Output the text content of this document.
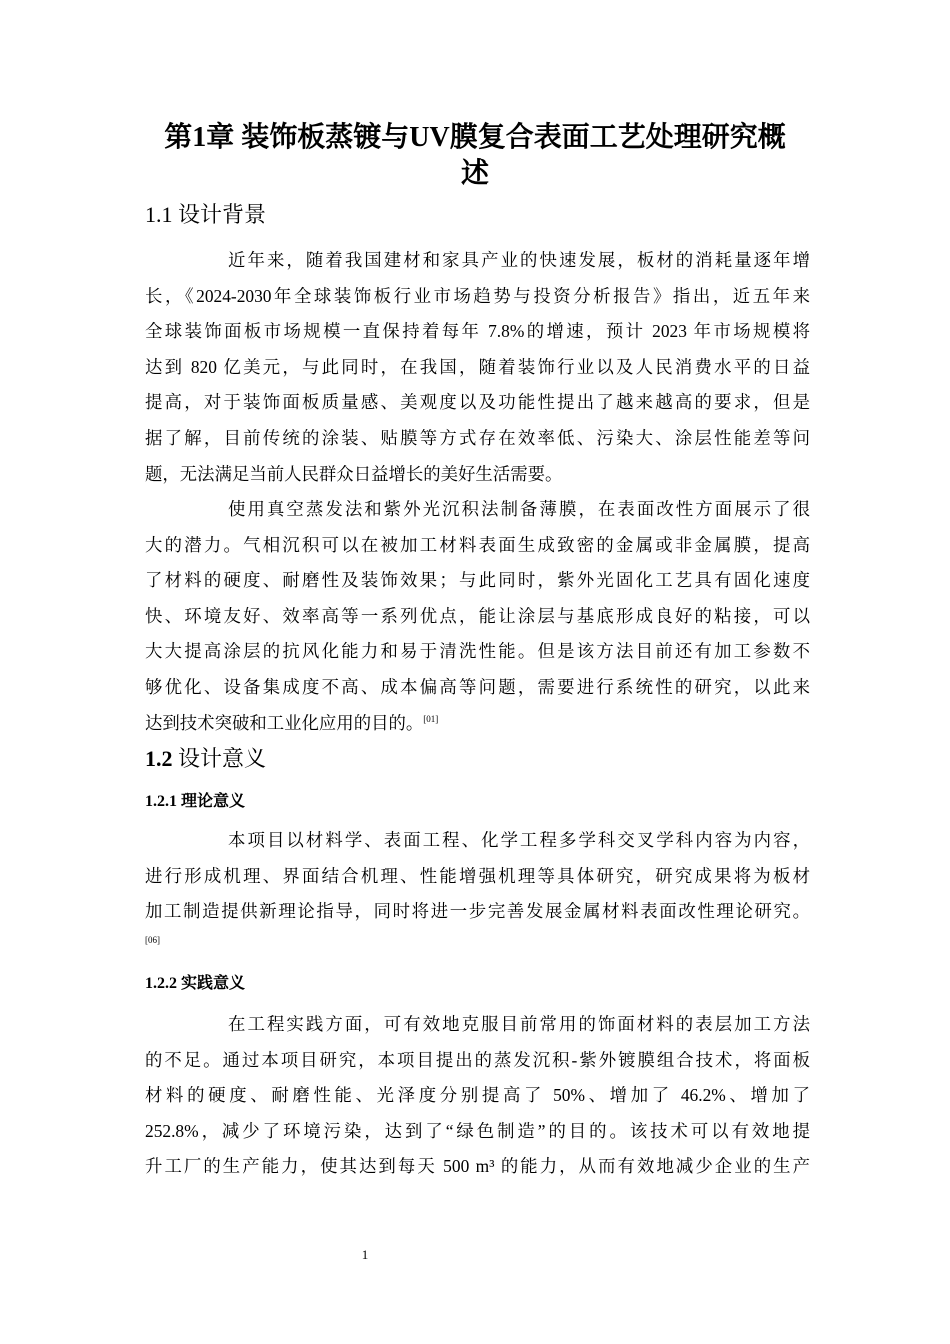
第1章 装饰板蒸镀与UV膜复合表面工艺处理研究概
述
1.1 设计背景
近年来，随着我国建材和家具产业的快速发展，板材的消耗量逐年增
长，《2024-2030年全球装饰板行业市场趋势与投资分析报告》指出，近五年来
全球装饰面板市场规模一直保持着每年 7.8%的增速，预计 2023 年市场规模将
达到 820 亿美元，与此同时，在我国，随着装饰行业以及人民消费水平的日益
提高，对于装饰面板质量感、美观度以及功能性提出了越来越高的要求，但是
据了解，目前传统的涂装、贴膜等方式存在效率低、污染大、涂层性能差等问
题，无法满足当前人民群众日益增长的美好生活需要。
使用真空蒸发法和紫外光沉积法制备薄膜，在表面改性方面展示了很
大的潜力。气相沉积可以在被加工材料表面生成致密的金属或非金属膜，提高
了材料的硬度、耐磨性及装饰效果；与此同时，紫外光固化工艺具有固化速度
快、环境友好、效率高等一系列优点，能让涂层与基底形成良好的粘接，可以
大大提高涂层的抗风化能力和易于清洗性能。但是该方法目前还有加工参数不
够优化、设备集成度不高、成本偏高等问题，需要进行系统性的研究，以此来
达到技术突破和工业化应用的目的。[01]
1.2 设计意义
1.2.1 理论意义
本项目以材料学、表面工程、化学工程多学科交叉学科内容为内容，
进行形成机理、界面结合机理、性能增强机理等具体研究，研究成果将为板材
加工制造提供新理论指导，同时将进一步完善发展金属材料表面改性理论研究。
[06]
1.2.2 实践意义
在工程实践方面，可有效地克服目前常用的饰面材料的表层加工方法
的不足。通过本项目研究，本项目提出的蒸发沉积-紫外镀膜组合技术，将面板
材料的硬度、耐磨性能、光泽度分别提高了 50%、增加了 46.2%、增加了
252.8%，减少了环境污染，达到了“绿色制造”的目的。该技术可以有效地提
升工厂的生产能力，使其达到每天 500 m³ 的能力，从而有效地减少企业的生产
1
